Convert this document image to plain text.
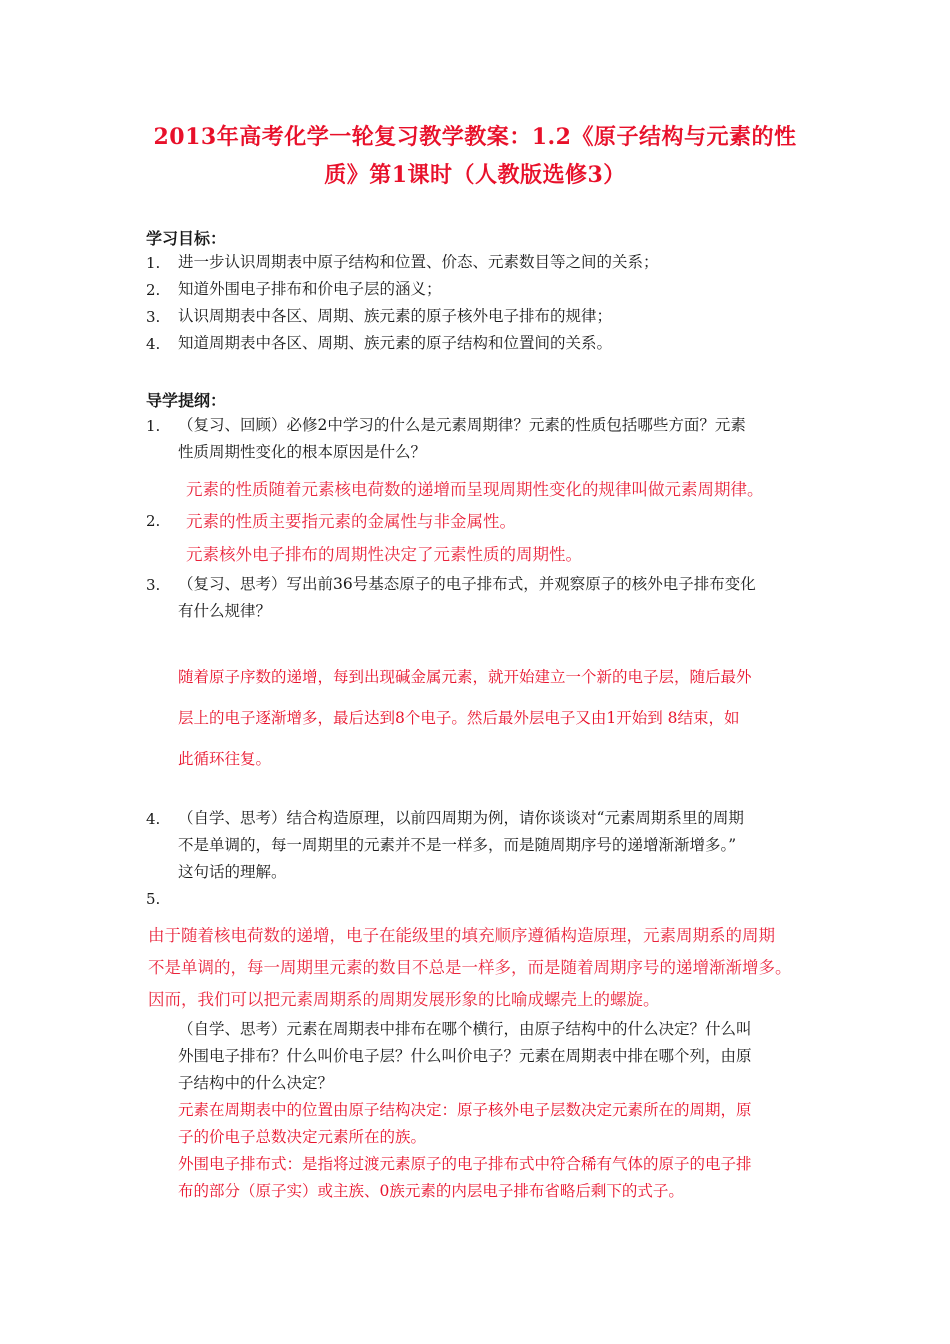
2013年高考化学一轮复习教学教案：1.2《原子结构与元素的性
质》第1课时（人教版选修3）
学习目标：
1. 进一步认识周期表中原子结构和位置、价态、元素数目等之间的关系；
2. 知道外围电子排布和价电子层的涵义；
3. 认识周期表中各区、周期、族元素的原子核外电子排布的规律；
4. 知道周期表中各区、周期、族元素的原子结构和位置间的关系。
导学提纲：
1. （复习、回顾）必修2中学习的什么是元素周期律？元素的性质包括哪些方面？元素
性质周期性变化的根本原因是什么？
元素的性质随着元素核电荷数的递增而呈现周期性变化的规律叫做元素周期律。
2. 元素的性质主要指元素的金属性与非金属性。
元素核外电子排布的周期性决定了元素性质的周期性。
3. （复习、思考）写出前36号基态原子的电子排布式，并观察原子的核外电子排布变化
有什么规律？
随着原子序数的递增，每到出现碱金属元素，就开始建立一个新的电子层，随后最外
层上的电子逐渐增多，最后达到8个电子。然后最外层电子又由1开始到 8结束，如
此循环往复。
4. （自学、思考）结合构造原理，以前四周期为例，请你谈谈对“元素周期系里的周期
不是单调的，每一周期里的元素并不是一样多，而是随周期序号的递增渐渐增多。”
这句话的理解。
5.
由于随着核电荷数的递增，电子在能级里的填充顺序遵循构造原理，元素周期系的周期
不是单调的，每一周期里元素的数目不总是一样多，而是随着周期序号的递增渐渐增多。
因而，我们可以把元素周期系的周期发展形象的比喻成螺壳上的螺旋。
（自学、思考）元素在周期表中排布在哪个横行，由原子结构中的什么决定？什么叫
外围电子排布？什么叫价电子层？什么叫价电子？元素在周期表中排在哪个列，由原
子结构中的什么决定？
元素在周期表中的位置由原子结构决定：原子核外电子层数决定元素所在的周期，原
子的价电子总数决定元素所在的族。
外围电子排布式：是指将过渡元素原子的电子排布式中符合稀有气体的原子的电子排
布的部分（原子实）或主族、0族元素的内层电子排布省略后剩下的式子。
